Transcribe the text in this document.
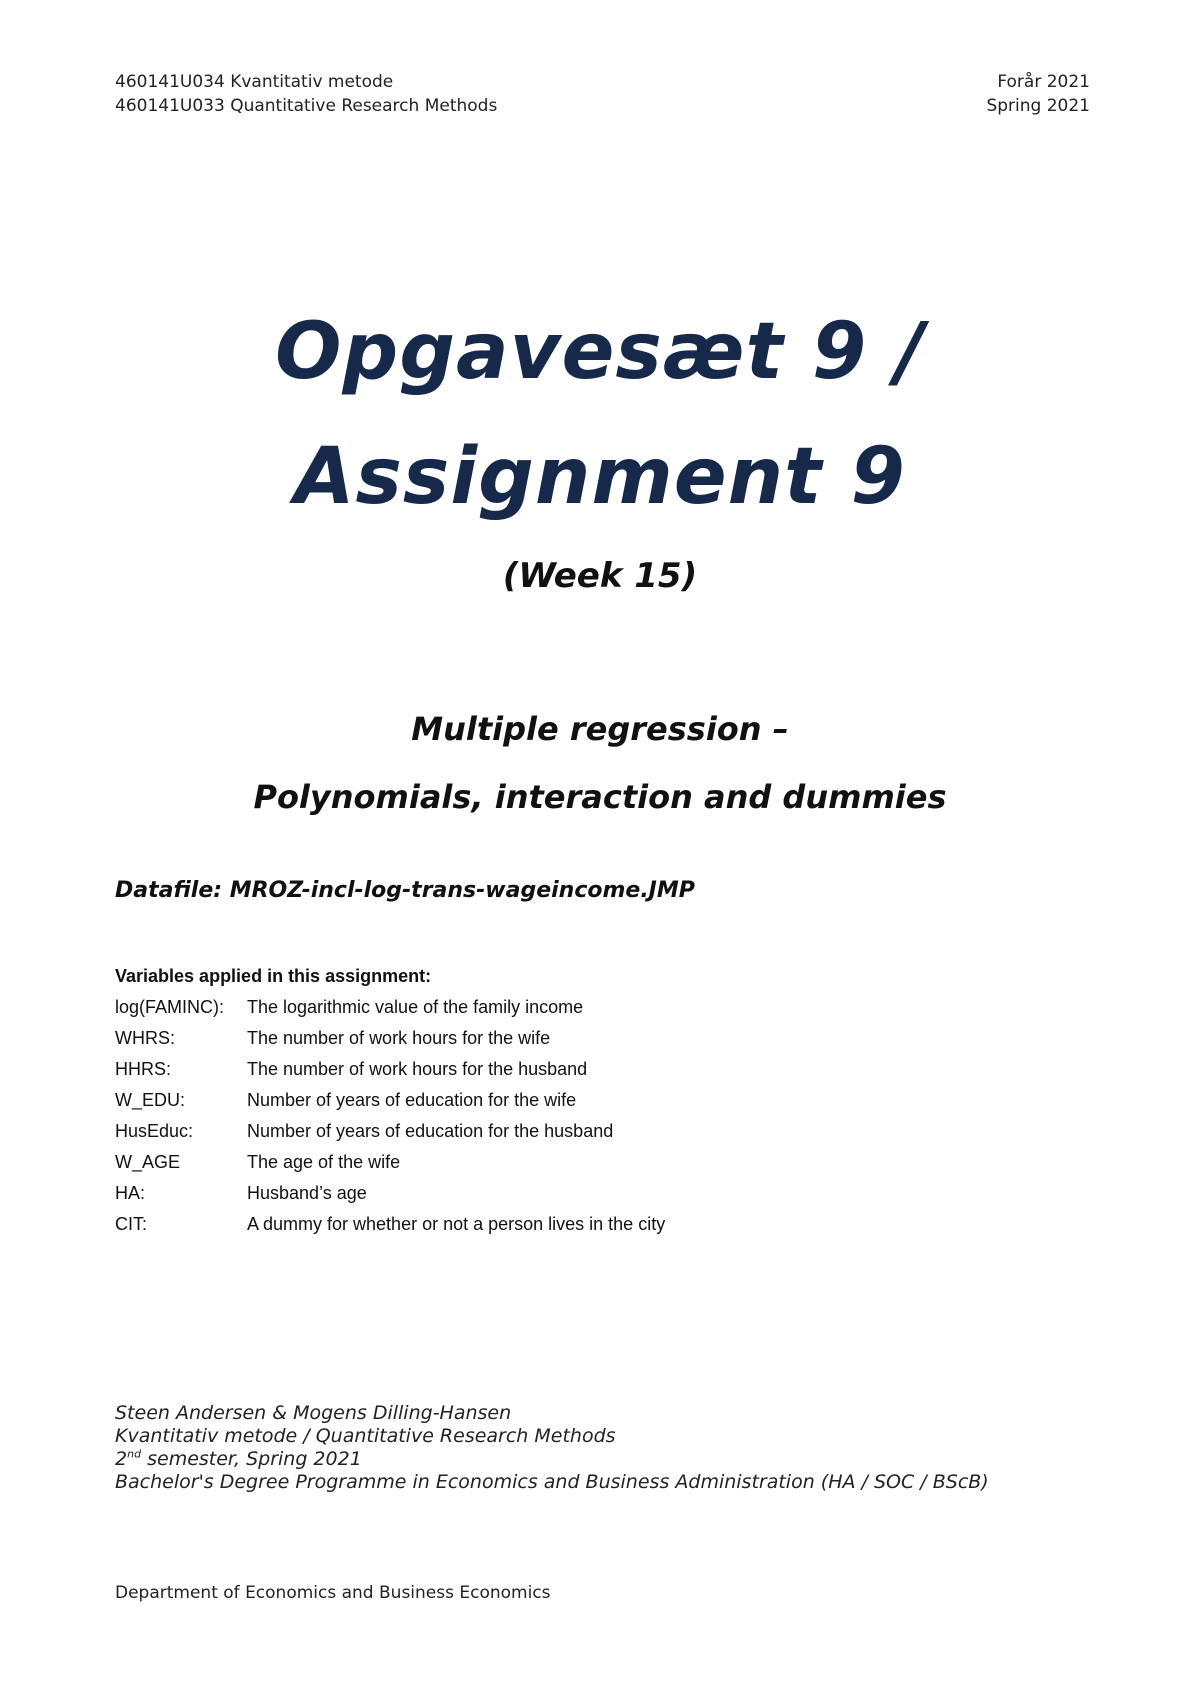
460141U034 Kvantitativ metode	Forår 2021
460141U033 Quantitative Research Methods	Spring 2021
Opgavesæt 9 /
Assignment 9
(Week 15)
Multiple regression –
Polynomials, interaction and dummies
Datafile: MROZ-incl-log-trans-wageincome.JMP
Variables applied in this assignment:
log(FAMINC):	The logarithmic value of the family income
WHRS:	The number of work hours for the wife
HHRS:	The number of work hours for the husband
W_EDU:	Number of years of education for the wife
HusEduc:	Number of years of education for the husband
W_AGE	The age of the wife
HA:	Husband’s age
CIT:	A dummy for whether or not a person lives in the city
Steen Andersen & Mogens Dilling-Hansen
Kvantitativ metode / Quantitative Research Methods
2nd semester, Spring 2021
Bachelor's Degree Programme in Economics and Business Administration (HA / SOC / BScB)
Department of Economics and Business Economics
